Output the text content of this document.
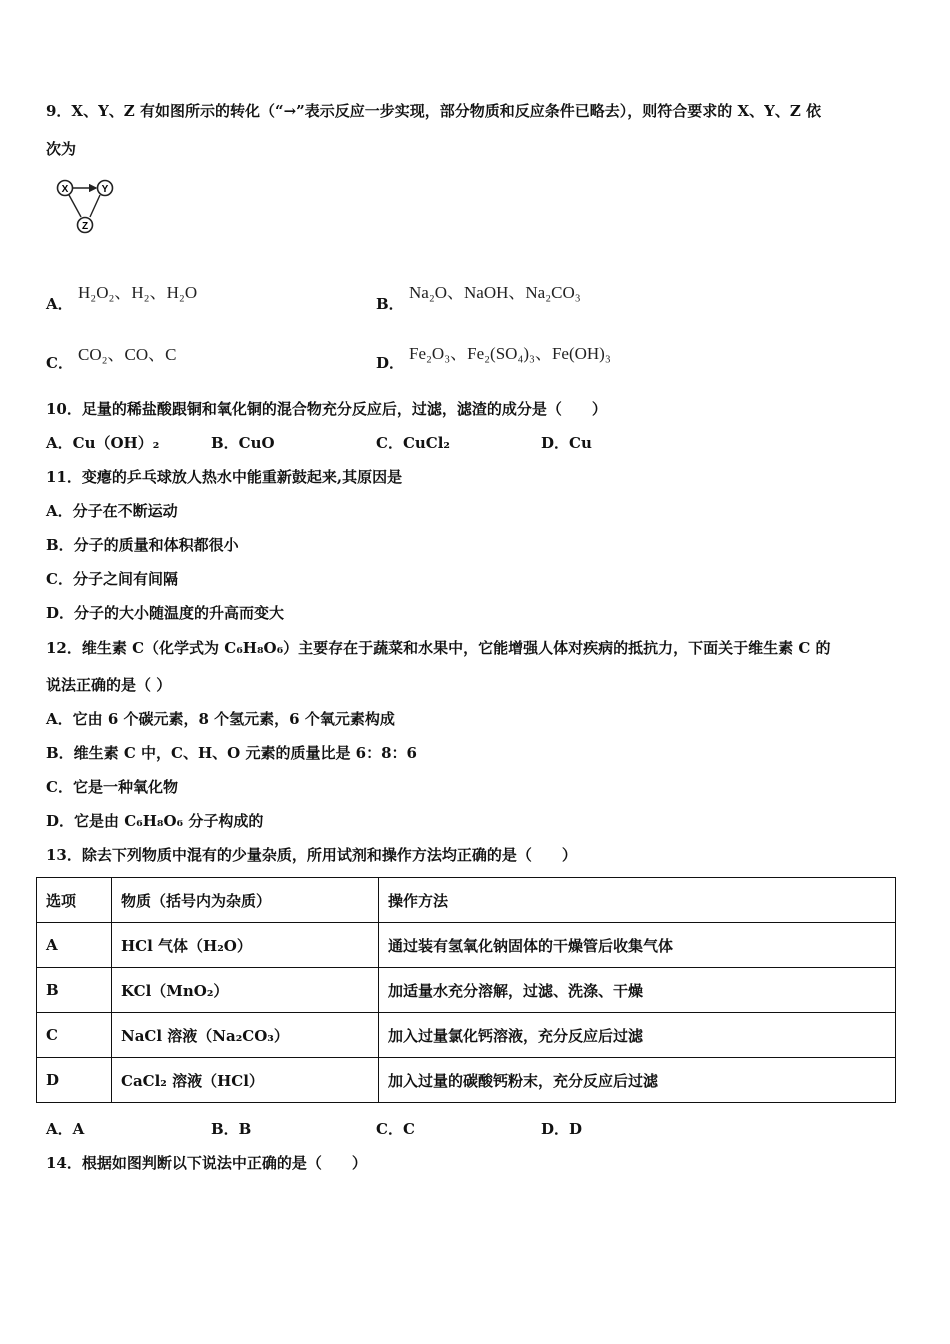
9．X、Y、Z 有如图所示的转化（“→”表示反应一步实现，部分物质和反应条件已略去），则符合要求的 X、Y、Z 依
次为
X	Y
Z
A．
H₂O₂、H₂、H₂O
B．
Na₂O、NaOH、Na₂CO₃
C． CO₂、CO、C	D． Fe₂O₃、Fe₂(SO₄)₃、Fe(OH)₃
10．足量的稀盐酸跟铜和氧化铜的混合物充分反应后，过滤，滤渣的成分是（　　）
A．Cu（OH）₂	B．CuO	C．CuCl₂	D．Cu
11．变瘪的乒乓球放人热水中能重新鼓起来,其原因是
A．分子在不断运动
B．分子的质量和体积都很小
C．分子之间有间隔
D．分子的大小随温度的升高而变大
12．维生素 C（化学式为 C₆H₈O₆）主要存在于蔬菜和水果中，它能增强人体对疾病的抵抗力，下面关于维生素 C 的
说法正确的是（ ）
A．它由 6 个碳元素，8 个氢元素，6 个氧元素构成
B．维生素 C 中，C、H、O 元素的质量比是 6：8：6
C．它是一种氧化物
D．它是由 C₆H₈O₆ 分子构成的
13．除去下列物质中混有的少量杂质，所用试剂和操作方法均正确的是（　　）
选项	物质（括号内为杂质）	操作方法
A	HCl 气体（H₂O）	通过装有氢氧化钠固体的干燥管后收集气体
B	KCl（MnO₂）	加适量水充分溶解，过滤、洗涤、干燥
C	NaCl 溶液（Na₂CO₃）	加入过量氯化钙溶液，充分反应后过滤
D	CaCl₂ 溶液（HCl）	加入过量的碳酸钙粉末，充分反应后过滤
A．A	B．B	C．C	D．D
14．根据如图判断以下说法中正确的是（　　）
